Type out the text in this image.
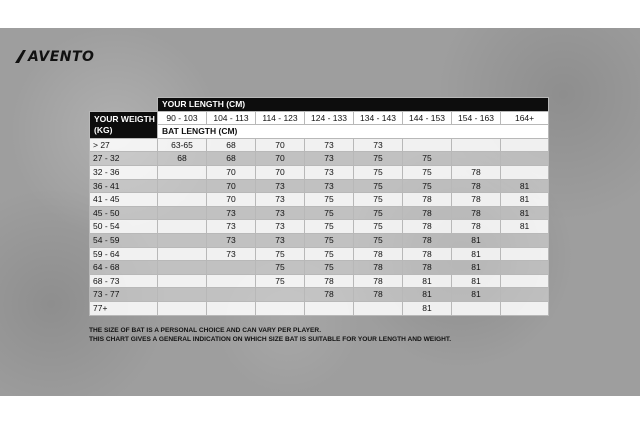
AVENTO
	YOUR LENGTH (CM)							
YOUR WEIGTH (KG)	90 - 103	104 - 113	114 - 123	124 - 133	134 - 143	144 - 153	154 - 163	164+
	BAT LENGTH (CM)							
> 27	63-65	68	70	73	73			
27 - 32	68	68	70	73	75	75		
32 - 36		70	70	73	75	75	78	
36 - 41		70	73	73	75	75	78	81
41 - 45		70	73	75	75	78	78	81
45 - 50		73	73	75	75	78	78	81
50 - 54		73	73	75	75	78	78	81
54 - 59		73	73	75	75	78	81	
59 - 64		73	75	75	78	78	81	
64 - 68			75	75	78	78	81	
68 - 73			75	78	78	81	81	
73 - 77				78	78	81	81	
77+						81		
THE SIZE OF BAT IS A PERSONAL CHOICE AND CAN VARY PER PLAYER.
THIS CHART GIVES A GENERAL INDICATION ON WHICH SIZE BAT IS SUITABLE FOR YOUR LENGTH AND WEIGHT.
